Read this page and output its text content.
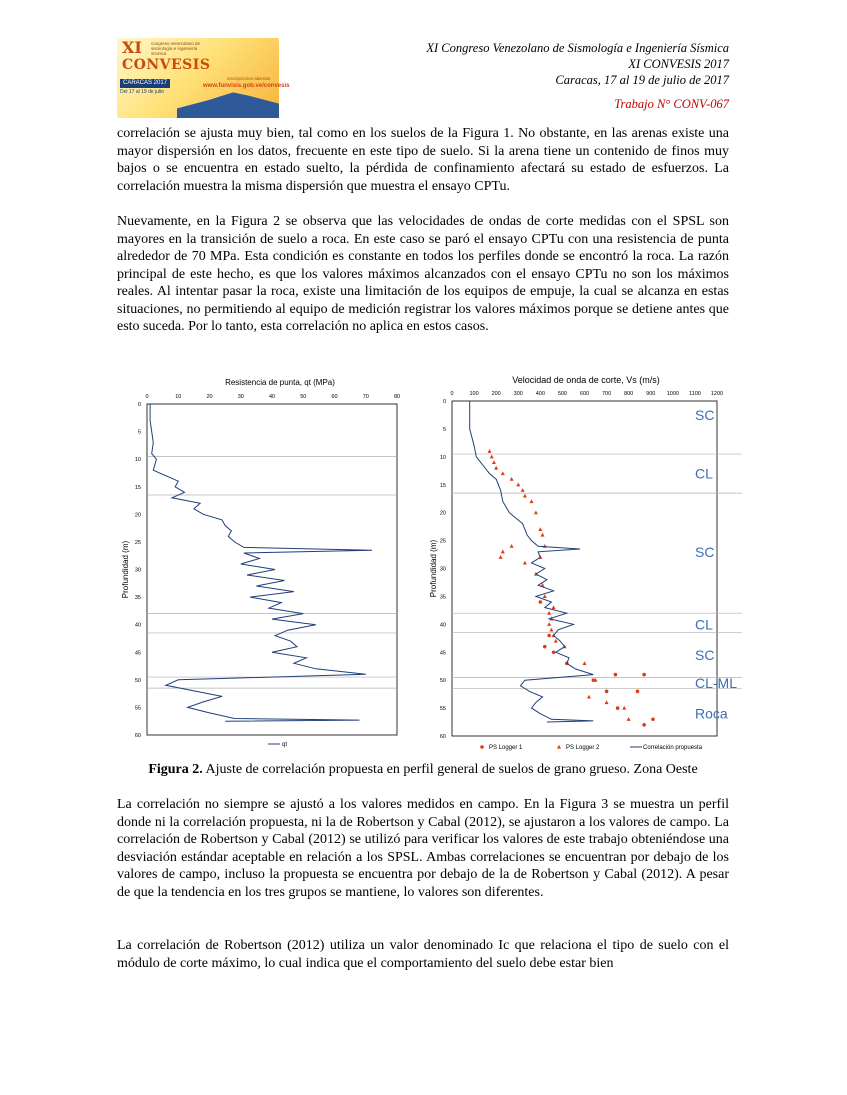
XI
CONVESIS
congreso venezolano de sismología e ingeniería sísmica
CARACAS 2017
Del 17 al 19 de julio
inscripciones abiertas
www.funvisis.gob.ve/convesis
XI Congreso Venezolano de Sismología e Ingeniería Sísmica
XI CONVESIS 2017
Caracas, 17 al 19 de julio de 2017
Trabajo N° CONV-067
correlación se ajusta muy bien, tal como en los suelos de la Figura 1. No obstante, en las arenas existe una mayor dispersión en los datos, frecuente en este tipo de suelo. Si la arena tiene un contenido de finos muy bajos o se encuentra en estado suelto, la pérdida de confinamiento afectará su estado de esfuerzos. La correlación muestra la misma dispersión que muestra el ensayo CPTu.
Nuevamente, en la Figura 2 se observa que las velocidades de ondas de corte medidas con el SPSL son mayores en la transición de suelo a roca. En este caso se paró el ensayo CPTu con una resistencia de punta alrededor de 70 MPa. Esta condición es constante en todos los perfiles donde se encontró la roca. La razón principal de este hecho, es que los valores máximos alcanzados con el ensayo CPTu no son los máximos reales. Al intentar pasar la roca, existe una limitación de los equipos de empuje, la cual se alcanza en estas situaciones, no permitiendo al equipo de medición registrar los valores máximos porque se detiene antes que esto suceda. Por lo tanto, esta correlación no aplica en estos casos.
Resistencia de punta, qt (MPa)
Profundidad (m)
0	10	20	30	40	50	60	70	80
0
5
10
15
20
25
30
35
40
45
50
55
60
qt
Velocidad de onda de corte, Vs (m/s)
Profundidad (m)
0	100 200 300 400 500 600 700 800 900 1000 1100 1200
0
5
10
15
20
25
30
35
40
45
50
55
60
SC
CL
SC
CL
SC
CL-ML
Roca
PS Logger 1	PS Logger 2	Correlación propuesta
Figura 2. Ajuste de correlación propuesta en perfil general de suelos de grano grueso. Zona Oeste
La correlación no siempre se ajustó a los valores medidos en campo. En la Figura 3 se muestra un perfil donde ni la correlación propuesta, ni la de Robertson y Cabal (2012), se ajustaron a los valores de campo. La correlación de Robertson y Cabal (2012) se utilizó para verificar los valores de este trabajo obteniéndose una desviación estándar aceptable en relación a los SPSL. Ambas correlaciones se encuentran por debajo de los valores de campo, incluso la propuesta se encuentra por debajo de la de Robertson y Cabal (2012). A pesar de que la tendencia en los tres grupos se mantiene, lo valores son diferentes.
La correlación de Robertson (2012) utiliza un valor denominado Ic que relaciona el tipo de suelo con el módulo de corte máximo, lo cual indica que el comportamiento del suelo debe estar bien
